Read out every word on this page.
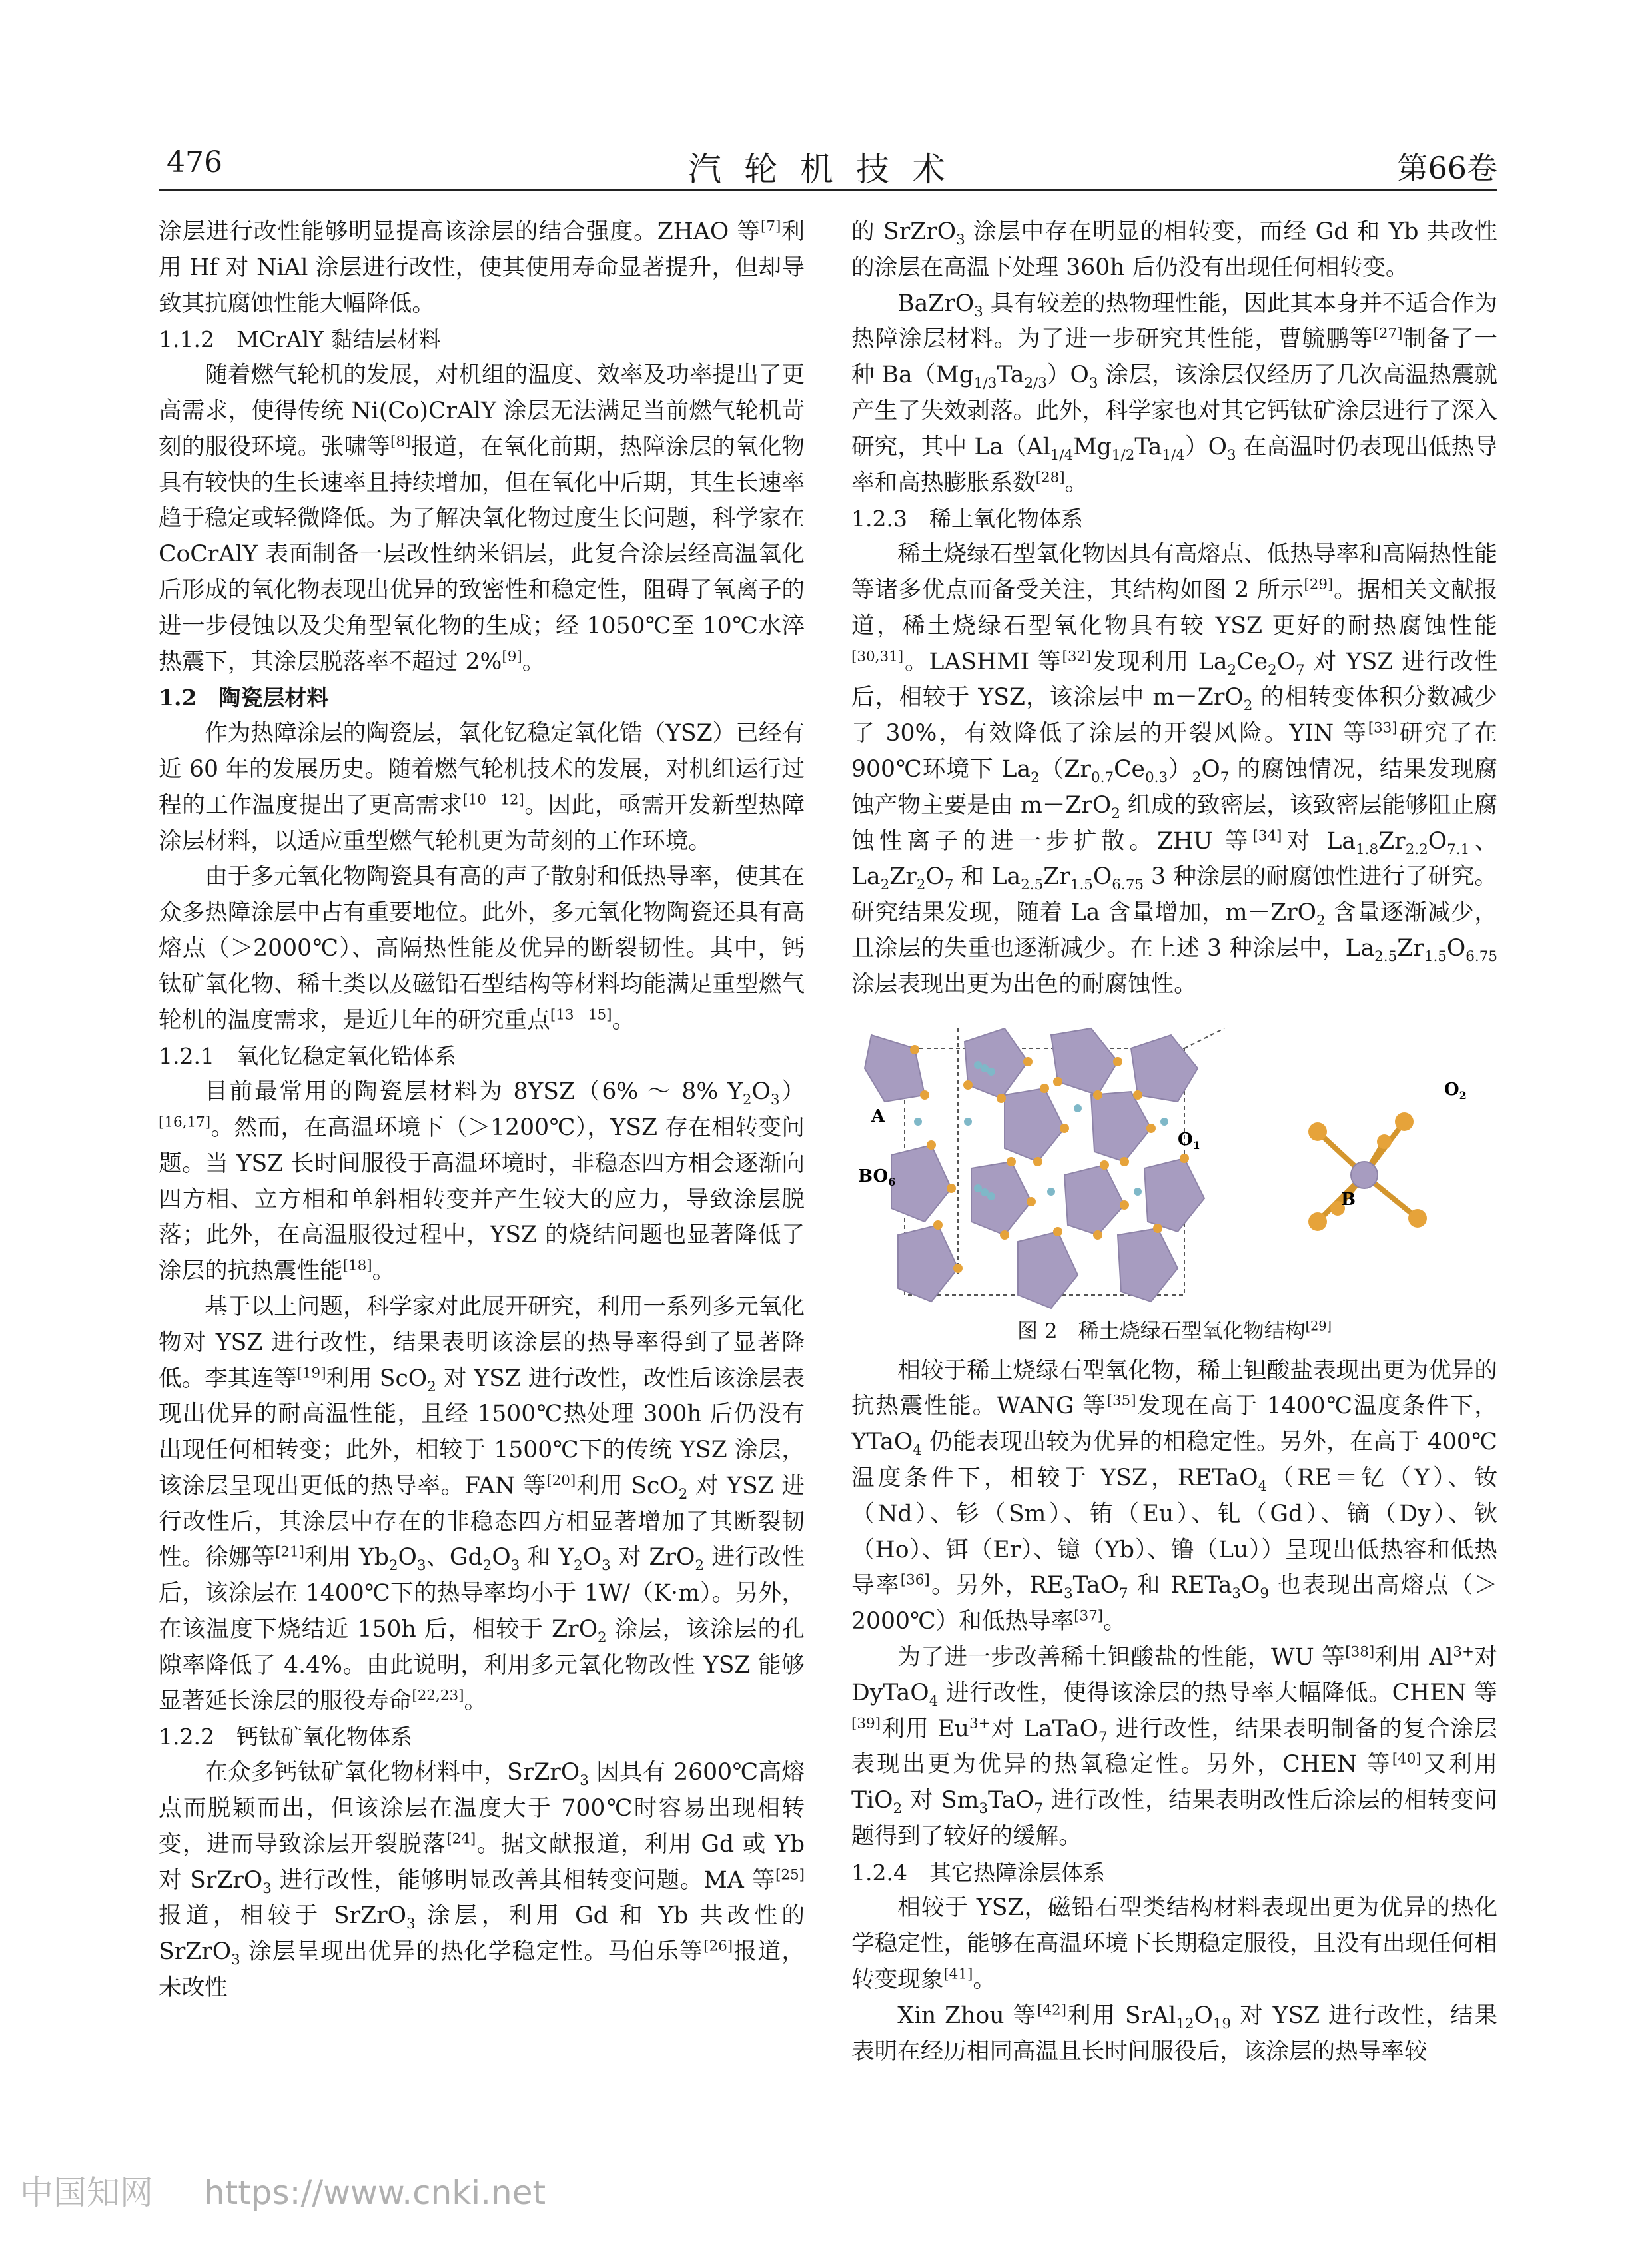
476	汽轮机技术	第66卷

涂层进行改性能够明显提高该涂层的结合强度。ZHAO 等[7]利用 Hf 对 NiAl 涂层进行改性，使其使用寿命显著提升，但却导致其抗腐蚀性能大幅降低。

1.1.2　MCrAlY 黏结层材料

随着燃气轮机的发展，对机组的温度、效率及功率提出了更高需求，使得传统 Ni(Co)CrAlY 涂层无法满足当前燃气轮机苛刻的服役环境。张啸等[8]报道，在氧化前期，热障涂层的氧化物具有较快的生长速率且持续增加，但在氧化中后期，其生长速率趋于稳定或轻微降低。为了解决氧化物过度生长问题，科学家在 CoCrAlY 表面制备一层改性纳米铝层，此复合涂层经高温氧化后形成的氧化物表现出优异的致密性和稳定性，阻碍了氧离子的进一步侵蚀以及尖角型氧化物的生成；经 1050℃至 10℃水淬热震下，其涂层脱落率不超过 2%[9]。

1.2　陶瓷层材料

作为热障涂层的陶瓷层，氧化钇稳定氧化锆（YSZ）已经有近 60 年的发展历史。随着燃气轮机技术的发展，对机组运行过程的工作温度提出了更高需求[10－12]。因此，亟需开发新型热障涂层材料，以适应重型燃气轮机更为苛刻的工作环境。

由于多元氧化物陶瓷具有高的声子散射和低热导率，使其在众多热障涂层中占有重要地位。此外，多元氧化物陶瓷还具有高熔点（＞2000℃）、高隔热性能及优异的断裂韧性。其中，钙钛矿氧化物、稀土类以及磁铅石型结构等材料均能满足重型燃气轮机的温度需求，是近几年的研究重点[13－15]。

1.2.1　氧化钇稳定氧化锆体系

目前最常用的陶瓷层材料为 8YSZ（6% ～ 8% $Y_2O_3)[16,17]$。然而，在高温环境下（＞1200℃），YSZ 存在相转变问题。当 YSZ 长时间服役于高温环境时，非稳态四方相会逐渐向四方相、立方相和单斜相转变并产生较大的应力，导致涂层脱落；此外，在高温服役过程中，YSZ 的烧结问题也显著降低了涂层的抗热震性能[18]。

基于以上问题，科学家对此展开研究，利用一系列多元氧化物对 YSZ 进行改性，结果表明该涂层的热导率得到了显著降低。李其连等[19]利用 ScO$_2$ 对 YSZ 进行改性，改性后该涂层表现出优异的耐高温性能，且经 1500℃热处理 300h 后仍没有出现任何相转变；此外，相较于 1500℃下的传统 YSZ 涂层，该涂层呈现出更低的热导率。FAN 等[20]利用 ScO$_2$ 对 YSZ 进行改性后，其涂层中存在的非稳态四方相显著增加了其断裂韧性。徐娜等[21]利用 $Yb_2O_3$、$Gd_2O_3$ 和 $Y_2O_3$ 对 ZrO$_2$ 进行改性后，该涂层在 1400℃下的热导率均小于 1W/（K·m）。另外，在该温度下烧结近 150h 后，相较于 ZrO$_2$ 涂层，该涂层的孔隙率降低了 4.4%。由此说明，利用多元氧化物改性 YSZ 能够显著延长涂层的服役寿命[22,23]。

1.2.2　钙钛矿氧化物体系

在众多钙钛矿氧化物材料中，SrZrO$_3$ 因具有 2600℃高熔点而脱颖而出，但该涂层在温度大于 700℃时容易出现相转变，进而导致涂层开裂脱落[24]。据文献报道，利用 Gd 或 Yb 对 SrZrO$_3$ 进行改性，能够明显改善其相转变问题。MA 等[25]报道，相较于 SrZrO$_3$ 涂层，利用 Gd 和 Yb 共改性的 SrZrO$_3$ 涂层呈现出优异的热化学稳定性。马伯乐等[26]报道，未改性

的 SrZrO$_3$ 涂层中存在明显的相转变，而经 Gd 和 Yb 共改性的涂层在高温下处理 360h 后仍没有出现任何相转变。

BaZrO$_3$ 具有较差的热物理性能，因此其本身并不适合作为热障涂层材料。为了进一步研究其性能，曹毓鹏等[27]制备了一种 $Ba(Mg_{1/3}Ta_{2/3})O_3$ 涂层，该涂层仅经历了几次高温热震就产生了失效剥落。此外，科学家也对其它钙钛矿涂层进行了深入研究，其中 $La(Al_{1/4}Mg_{1/2}Ta_{1/4})O_3$ 在高温时仍表现出低热导率和高热膨胀系数[28]。

1.2.3　稀土氧化物体系

稀土烧绿石型氧化物因具有高熔点、低热导率和高隔热性能等诸多优点而备受关注，其结构如图 2 所示[29]。据相关文献报道，稀土烧绿石型氧化物具有较 YSZ 更好的耐热腐蚀性能[30,31]。LASHMI 等[32]发现利用 $La_2Ce_2O_7$ 对 YSZ 进行改性后，相较于 YSZ，该涂层中 m－ZrO$_2$ 的相转变体积分数减少了 30%，有效降低了涂层的开裂风险。YIN 等[33]研究了在 900℃环境下 $La_2(Zr_{0.7}Ce_{0.3})_2O_7$ 的腐蚀情况，结果发现腐蚀产物主要是由 m－ZrO$_2$ 组成的致密层，该致密层能够阻止腐蚀性离子的进一步扩散。ZHU 等[34]对 $La_{1.8}Zr_{2.2}O_{7.1}$、$La_2Zr_2O_7$ 和 $La_{2.5}Zr_{1.5}O_{6.75}$ 3 种涂层的耐腐蚀性进行了研究。研究结果发现，随着 La 含量增加，m－ZrO$_2$ 含量逐渐减少，且涂层的失重也逐渐减少。在上述 3 种涂层中，$La_{2.5}Zr_{1.5}O_{6.75}$涂层表现出更为出色的耐腐蚀性。

A
$BO_6$
$O_1$
$O_2$
B
图 2　稀土烧绿石型氧化物结构[29]

相较于稀土烧绿石型氧化物，稀土钽酸盐表现出更为优异的抗热震性能。WANG 等[35]发现在高于 1400℃温度条件下，YTaO$_4$ 仍能表现出较为优异的相稳定性。另外，在高于 400℃温度条件下，相较于 YSZ，RETaO$_4$（RE＝钇（Y）、钕（Nd）、钐（Sm）、铕（Eu）、钆（Gd）、镝（Dy）、钬（Ho）、铒（Er）、镱（Yb）、镥（Lu））呈现出低热容和低热导率[36]。另外，$RE_3TaO_7$ 和 $RETa_3O_9$ 也表现出高熔点（＞2000℃）和低热导率[37]。

为了进一步改善稀土钽酸盐的性能，WU 等[38]利用 $Al^{3+}$对 DyTaO$_4$ 进行改性，使得该涂层的热导率大幅降低。CHEN 等[39]利用 $Eu^{3+}$对 LaTaO$_7$ 进行改性，结果表明制备的复合涂层表现出更为优异的热氧稳定性。另外，CHEN 等[40]又利用 TiO$_2$ 对 $Sm_3TaO_7$ 进行改性，结果表明改性后涂层的相转变问题得到了较好的缓解。

1.2.4　其它热障涂层体系

相较于 YSZ，磁铅石型类结构材料表现出更为优异的热化学稳定性，能够在高温环境下长期稳定服役，且没有出现任何相转变现象[41]。

Xin Zhou 等[42]利用 $SrAl_{12}O_{19}$ 对 YSZ 进行改性，结果表明在经历相同高温且长时间服役后，该涂层的热导率较

中国知网 https://www.cnki.net
